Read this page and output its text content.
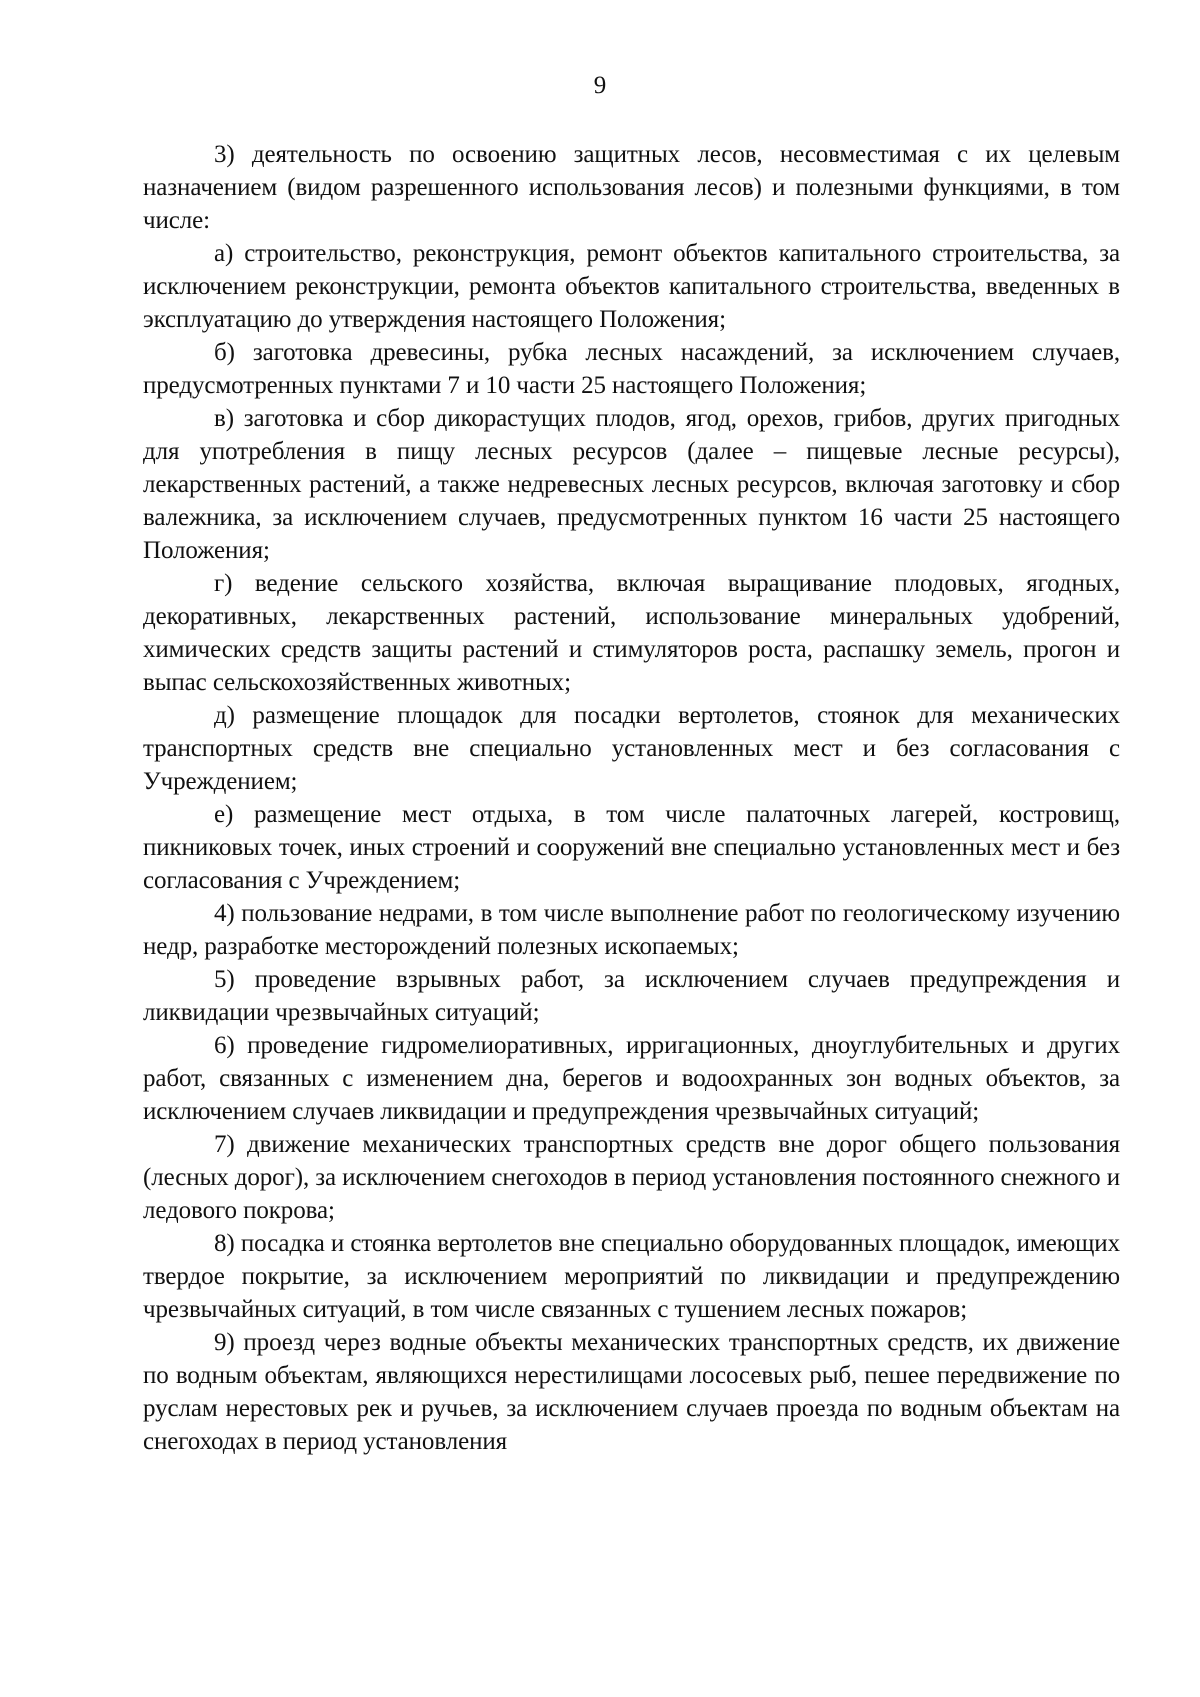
9

3) деятельность по освоению защитных лесов, несовместимая с их целевым назначением (видом разрешенного использования лесов) и полезными функциями, в том числе:

а) строительство, реконструкция, ремонт объектов капитального строительства, за исключением реконструкции, ремонта объектов капитального строительства, введенных в эксплуатацию до утверждения настоящего Положения;

б) заготовка древесины, рубка лесных насаждений, за исключением случаев, предусмотренных пунктами 7 и 10 части 25 настоящего Положения;

в) заготовка и сбор дикорастущих плодов, ягод, орехов, грибов, других пригодных для употребления в пищу лесных ресурсов (далее – пищевые лесные ресурсы), лекарственных растений, а также недревесных лесных ресурсов, включая заготовку и сбор валежника, за исключением случаев, предусмотренных пунктом 16 части 25 настоящего Положения;

г) ведение сельского хозяйства, включая выращивание плодовых, ягодных, декоративных, лекарственных растений, использование минеральных удобрений, химических средств защиты растений и стимуляторов роста, распашку земель, прогон и выпас сельскохозяйственных животных;

д) размещение площадок для посадки вертолетов, стоянок для механических транспортных средств вне специально установленных мест и без согласования с Учреждением;

е) размещение мест отдыха, в том числе палаточных лагерей, костровищ, пикниковых точек, иных строений и сооружений вне специально установленных мест и без согласования с Учреждением;

4) пользование недрами, в том числе выполнение работ по геологическому изучению недр, разработке месторождений полезных ископаемых;

5) проведение взрывных работ, за исключением случаев предупреждения и ликвидации чрезвычайных ситуаций;

6) проведение гидромелиоративных, ирригационных, дноуглубительных и других работ, связанных с изменением дна, берегов и водоохранных зон водных объектов, за исключением случаев ликвидации и предупреждения чрезвычайных ситуаций;

7) движение механических транспортных средств вне дорог общего пользования (лесных дорог), за исключением снегоходов в период установления постоянного снежного и ледового покрова;

8) посадка и стоянка вертолетов вне специально оборудованных площадок, имеющих твердое покрытие, за исключением мероприятий по ликвидации и предупреждению чрезвычайных ситуаций, в том числе связанных с тушением лесных пожаров;

9) проезд через водные объекты механических транспортных средств, их движение по водным объектам, являющихся нерестилищами лососевых рыб, пешее передвижение по руслам нерестовых рек и ручьев, за исключением случаев проезда по водным объектам на снегоходах в период установления
